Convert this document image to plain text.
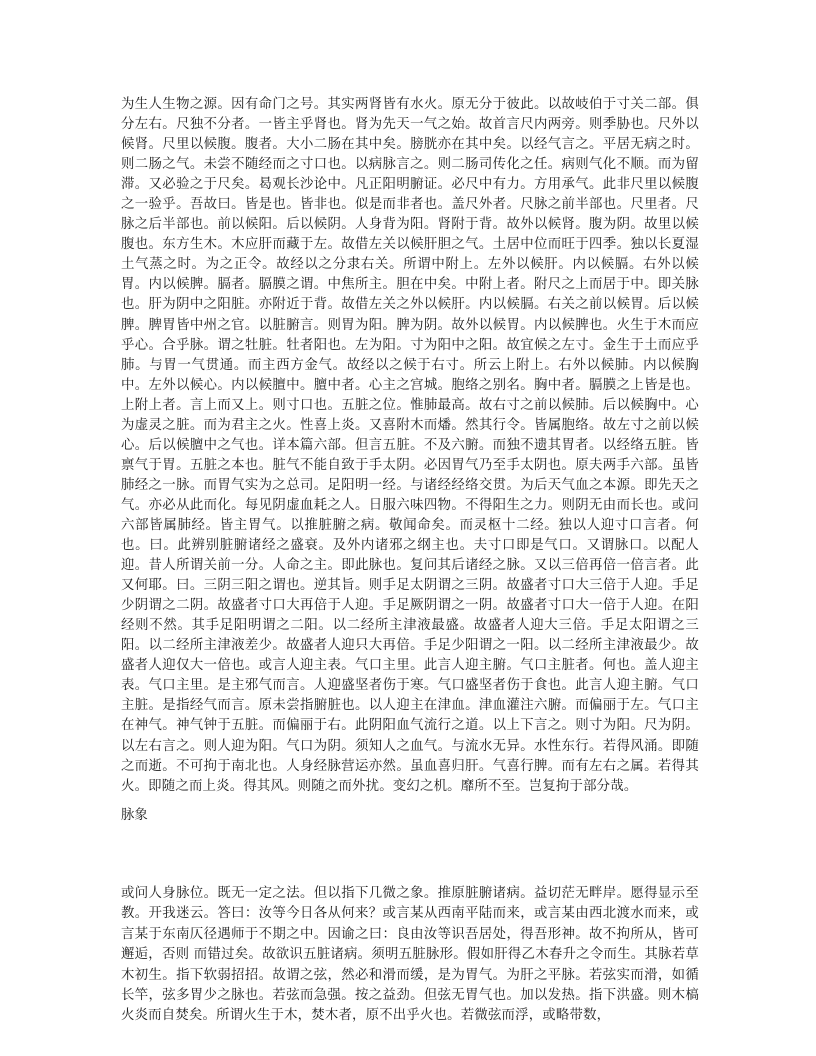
为生人生物之源。因有命门之号。其实两肾皆有水火。原无分于彼此。以故岐伯于寸关二部。俱分左右。尺独不分者。一皆主乎肾也。肾为先天一气之始。故首言尺内两旁。则季胁也。尺外以候肾。尺里以候腹。腹者。大小二肠在其中矣。膀胱亦在其中矣。以经气言之。平居无病之时。则二肠之气。未尝不随经而之寸口也。以病脉言之。则二肠司传化之任。病则气化不顺。而为留滞。又必验之于尺矣。曷观长沙论中。凡正阳明腑证。必尺中有力。方用承气。此非尺里以候腹之一验乎。吾故曰。皆是也。皆非也。似是而非者也。盖尺外者。尺脉之前半部也。尺里者。尺脉之后半部也。前以候阳。后以候阴。人身背为阳。肾附于背。故外以候肾。腹为阴。故里以候腹也。东方生木。木应肝而藏于左。故借左关以候肝胆之气。土居中位而旺于四季。独以长夏湿土气蒸之时。为之正令。故经以之分隶右关。所谓中附上。左外以候肝。内以候膈。右外以候胃。内以候脾。膈者。膈膜之谓。中焦所主。胆在中矣。中附上者。附尺之上而居于中。即关脉也。肝为阴中之阳脏。亦附近于背。故借左关之外以候肝。内以候膈。右关之前以候胃。后以候脾。脾胃皆中州之官。以脏腑言。则胃为阳。脾为阴。故外以候胃。内以候脾也。火生于木而应乎心。合乎脉。谓之牡脏。牡者阳也。左为阳。寸为阳中之阳。故宜候之左寸。金生于土而应乎肺。与胃一气贯通。而主西方金气。故经以之候于右寸。所云上附上。右外以候肺。内以候胸中。左外以候心。内以候膻中。膻中者。心主之宫城。胞络之别名。胸中者。膈膜之上皆是也。上附上者。言上而又上。则寸口也。五脏之位。惟肺最高。故右寸之前以候肺。后以候胸中。心为虚灵之脏。而为君主之火。性喜上炎。又喜附木而燔。然其行令。皆属胞络。故左寸之前以候心。后以候膻中之气也。详本篇六部。但言五脏。不及六腑。而独不遗其胃者。以经络五脏。皆禀气于胃。五脏之本也。脏气不能自致于手太阴。必因胃气乃至手太阴也。原夫两手六部。虽皆肺经之一脉。而胃气实为之总司。足阳明一经。与诸经经络交贯。为后天气血之本源。即先天之气。亦必从此而化。每见阴虚血耗之人。日服六味四物。不得阳生之力。则阴无由而长也。或问六部皆属肺经。皆主胃气。以推脏腑之病。敬闻命矣。而灵枢十二经。独以人迎寸口言者。何也。曰。此辨别脏腑诸经之盛衰。及外内诸邪之纲主也。夫寸口即是气口。又谓脉口。以配人迎。昔人所谓关前一分。人命之主。即此脉也。复问其后诸经之脉。又以三倍再倍一倍言者。此又何耶。曰。三阴三阳之谓也。逆其旨。则手足太阴谓之三阴。故盛者寸口大三倍于人迎。手足少阴谓之二阴。故盛者寸口大再倍于人迎。手足厥阴谓之一阴。故盛者寸口大一倍于人迎。在阳经则不然。其手足阳明谓之二阳。以二经所主津液最盛。故盛者人迎大三倍。手足太阳谓之三阳。以二经所主津液差少。故盛者人迎只大再倍。手足少阳谓之一阳。以二经所主津液最少。故盛者人迎仅大一倍也。或言人迎主表。气口主里。此言人迎主腑。气口主脏者。何也。盖人迎主表。气口主里。是主邪气而言。人迎盛坚者伤于寒。气口盛坚者伤于食也。此言人迎主腑。气口主脏。是指经气而言。原未尝指腑脏也。以人迎主在津血。津血灌注六腑。而偏丽于左。气口主在神气。神气钟于五脏。而偏丽于右。此阴阳血气流行之道。以上下言之。则寸为阳。尺为阴。以左右言之。则人迎为阳。气口为阴。须知人之血气。与流水无异。水性东行。若得风涌。即随之而逝。不可拘于南北也。人身经脉营运亦然。虽血喜归肝。气喜行脾。而有左右之属。若得其火。即随之而上炎。得其风。则随之而外扰。变幻之机。靡所不至。岂复拘于部分哉。

脉象

或问人身脉位。既无一定之法。但以指下几微之象。推原脏腑诸病。益切茫无畔岸。愿得显示至教。开我迷云。答曰：汝等今日各从何来？或言某从西南平陆而来，或言某由西北渡水而来，或言某于东南仄径遇师于不期之中。因谕之曰：良由汝等识吾居处，得吾形神。故不拘所从，皆可邂逅，否则 而错过矣。故欲识五脏诸病。须明五脏脉形。假如肝得乙木春升之令而生。其脉若草木初生。指下软弱招招。故谓之弦，然必和滑而缓，是为胃气。为肝之平脉。若弦实而滑，如循长竿，弦多胃少之脉也。若弦而急强。按之益劲。但弦无胃气也。加以发热。指下洪盛。则木槁火炎而自焚矣。所谓火生于木，焚木者，原不出乎火也。若微弦而浮，或略带数，
